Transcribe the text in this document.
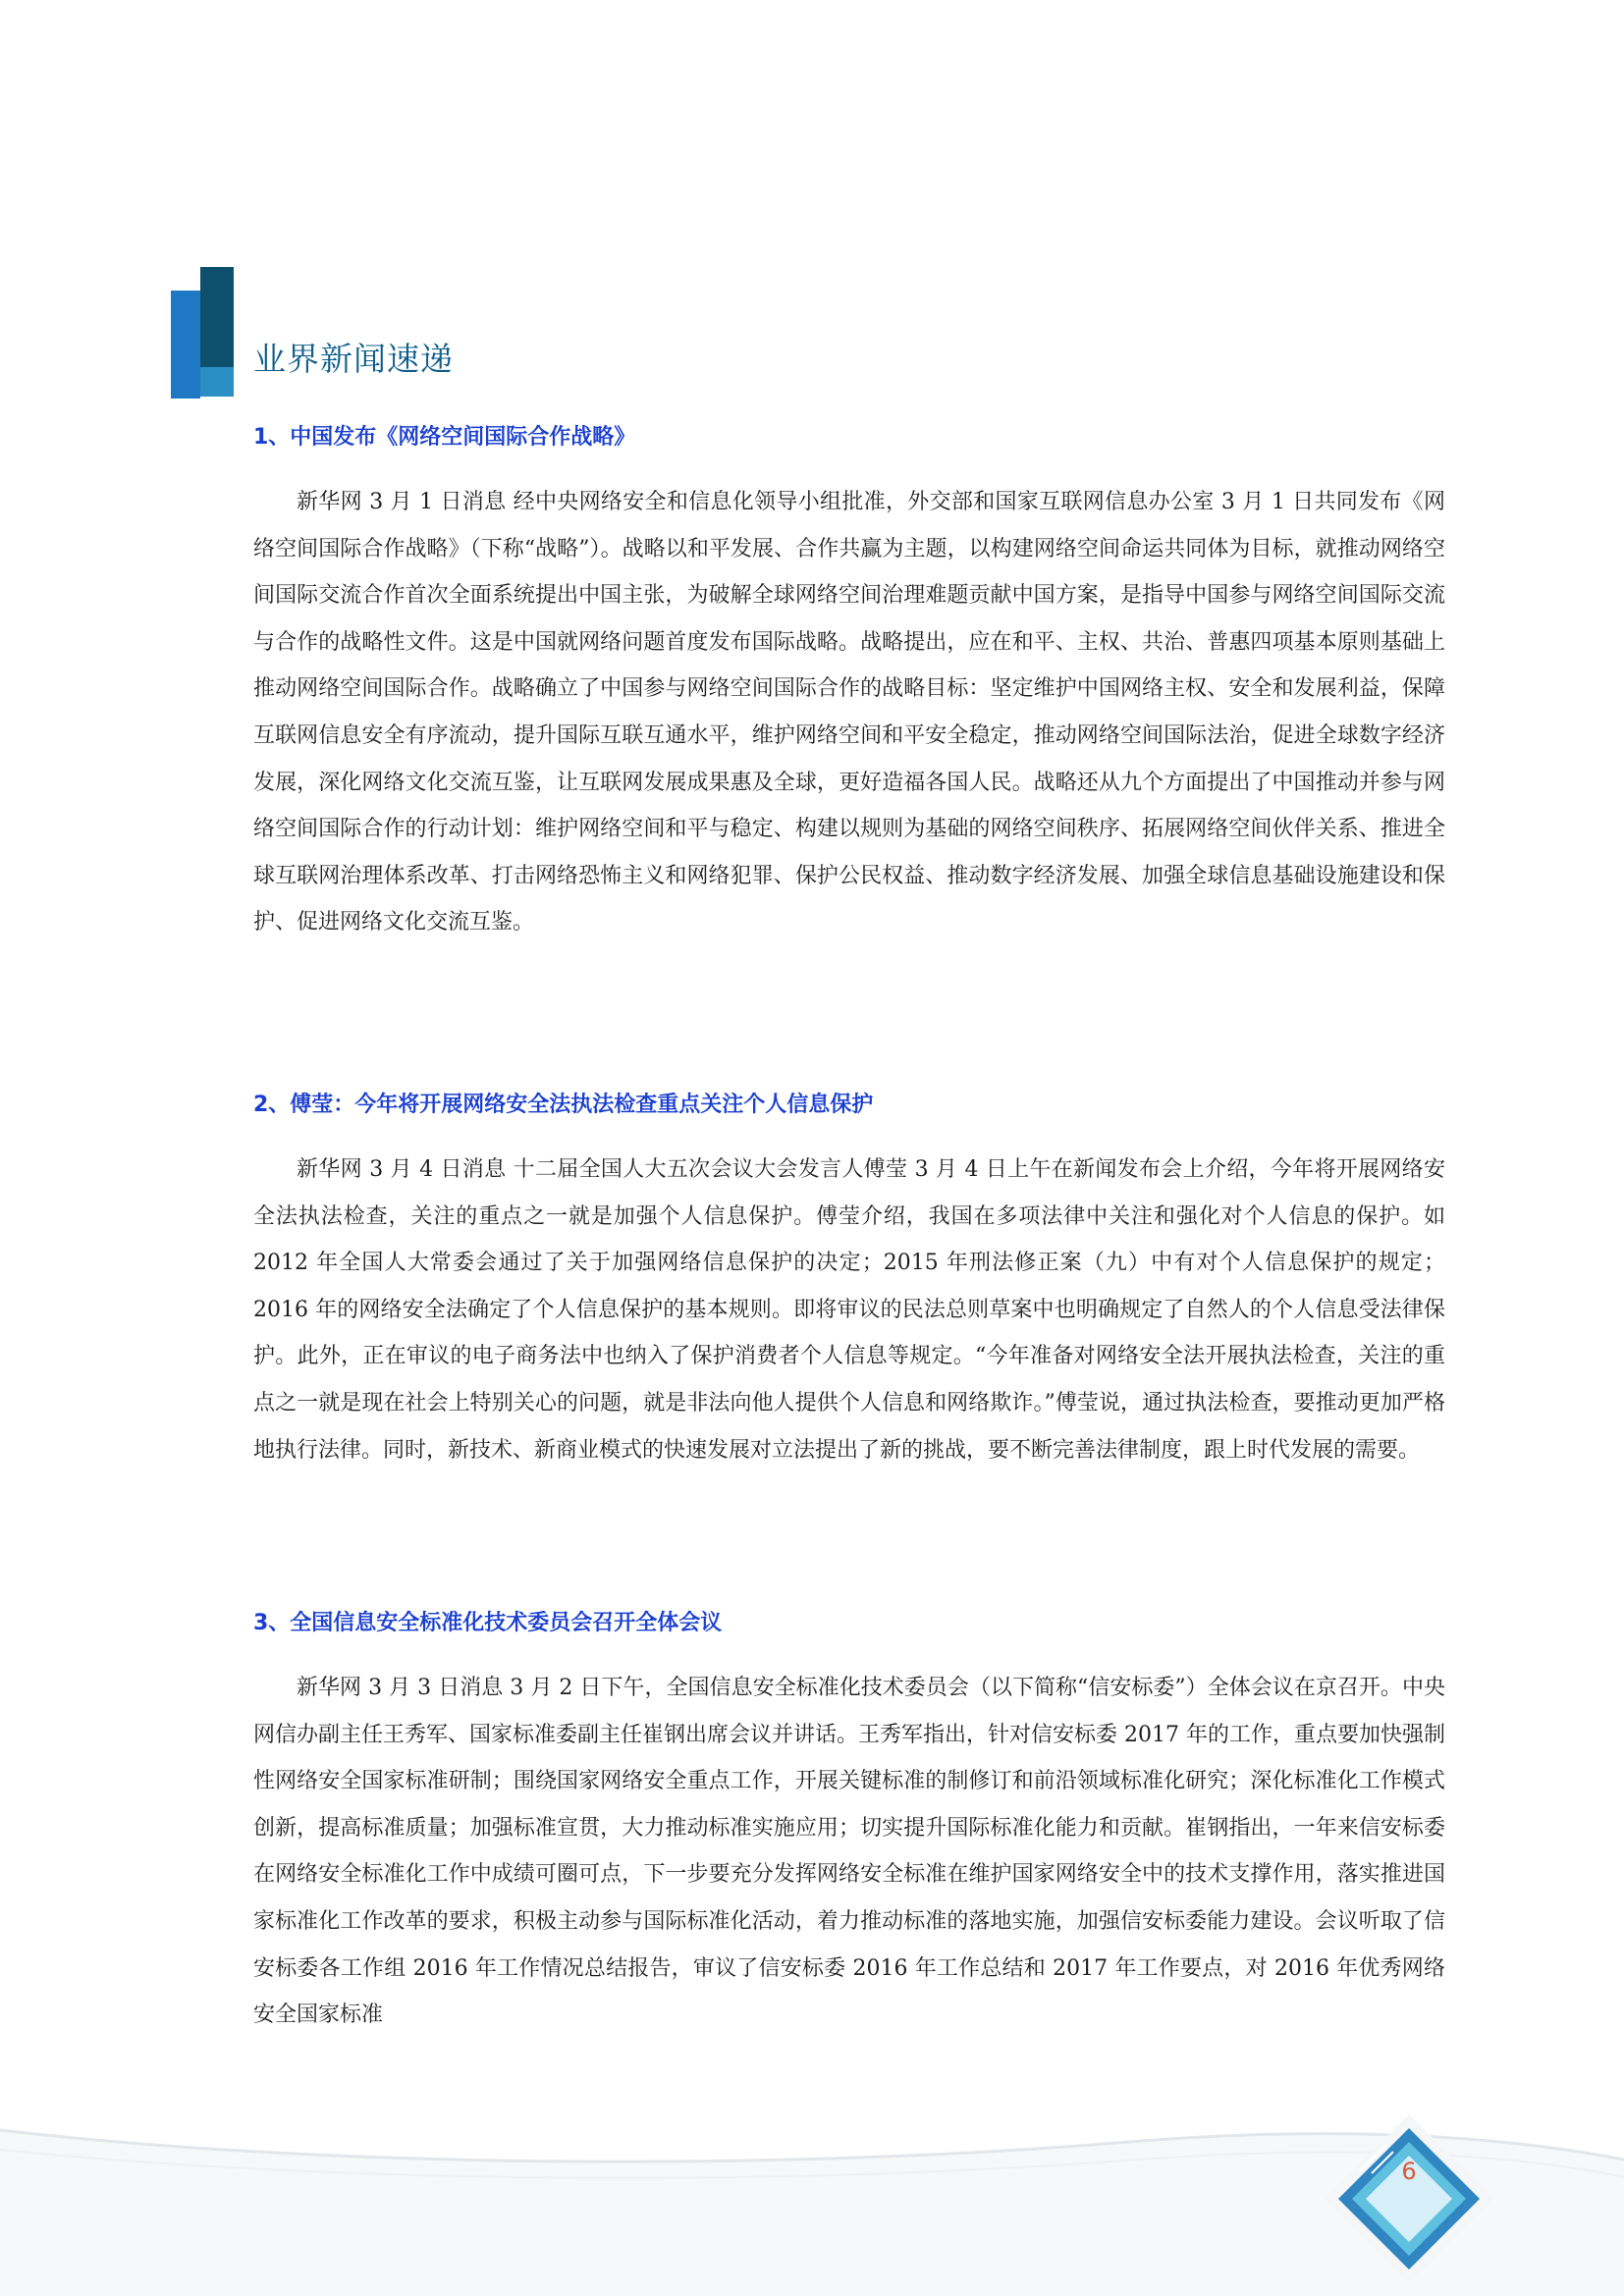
业界新闻速递
1、中国发布《网络空间国际合作战略》

新华网 3 月 1 日消息 经中央网络安全和信息化领导小组批准，外交部和国家互联网信息办公室 3 月 1 日共同发布《网络空间国际合作战略》（下称“战略”）。战略以和平发展、合作共赢为主题，以构建网络空间命运共同体为目标，就推动网络空间国际交流合作首次全面系统提出中国主张，为破解全球网络空间治理难题贡献中国方案，是指导中国参与网络空间国际交流与合作的战略性文件。这是中国就网络问题首度发布国际战略。战略提出，应在和平、主权、共治、普惠四项基本原则基础上推动网络空间国际合作。战略确立了中国参与网络空间国际合作的战略目标：坚定维护中国网络主权、安全和发展利益，保障互联网信息安全有序流动，提升国际互联互通水平，维护网络空间和平安全稳定，推动网络空间国际法治，促进全球数字经济发展，深化网络文化交流互鉴，让互联网发展成果惠及全球，更好造福各国人民。战略还从九个方面提出了中国推动并参与网络空间国际合作的行动计划：维护网络空间和平与稳定、构建以规则为基础的网络空间秩序、拓展网络空间伙伴关系、推进全球互联网治理体系改革、打击网络恐怖主义和网络犯罪、保护公民权益、推动数字经济发展、加强全球信息基础设施建设和保护、促进网络文化交流互鉴。

2、傅莹：今年将开展网络安全法执法检查重点关注个人信息保护

新华网 3 月 4 日消息 十二届全国人大五次会议大会发言人傅莹 3 月 4 日上午在新闻发布会上介绍，今年将开展网络安全法执法检查，关注的重点之一就是加强个人信息保护。傅莹介绍，我国在多项法律中关注和强化对个人信息的保护。如 2012 年全国人大常委会通过了关于加强网络信息保护的决定；2015 年刑法修正案（九）中有对个人信息保护的规定；2016 年的网络安全法确定了个人信息保护的基本规则。即将审议的民法总则草案中也明确规定了自然人的个人信息受法律保护。此外，正在审议的电子商务法中也纳入了保护消费者个人信息等规定。“今年准备对网络安全法开展执法检查，关注的重点之一就是现在社会上特别关心的问题，就是非法向他人提供个人信息和网络欺诈。”傅莹说，通过执法检查，要推动更加严格地执行法律。同时，新技术、新商业模式的快速发展对立法提出了新的挑战，要不断完善法律制度，跟上时代发展的需要。

3、全国信息安全标准化技术委员会召开全体会议

新华网 3 月 3 日消息 3 月 2 日下午，全国信息安全标准化技术委员会（以下简称“信安标委”）全体会议在京召开。中央网信办副主任王秀军、国家标准委副主任崔钢出席会议并讲话。王秀军指出，针对信安标委 2017 年的工作，重点要加快强制性网络安全国家标准研制；围绕国家网络安全重点工作，开展关键标准的制修订和前沿领域标准化研究；深化标准化工作模式创新，提高标准质量；加强标准宣贯，大力推动标准实施应用；切实提升国际标准化能力和贡献。崔钢指出，一年来信安标委在网络安全标准化工作中成绩可圈可点，下一步要充分发挥网络安全标准在维护国家网络安全中的技术支撑作用，落实推进国家标准化工作改革的要求，积极主动参与国际标准化活动，着力推动标准的落地实施，加强信安标委能力建设。会议听取了信安标委各工作组 2016 年工作情况总结报告，审议了信安标委 2016 年工作总结和 2017 年工作要点，对 2016 年优秀网络安全国家标准

6
